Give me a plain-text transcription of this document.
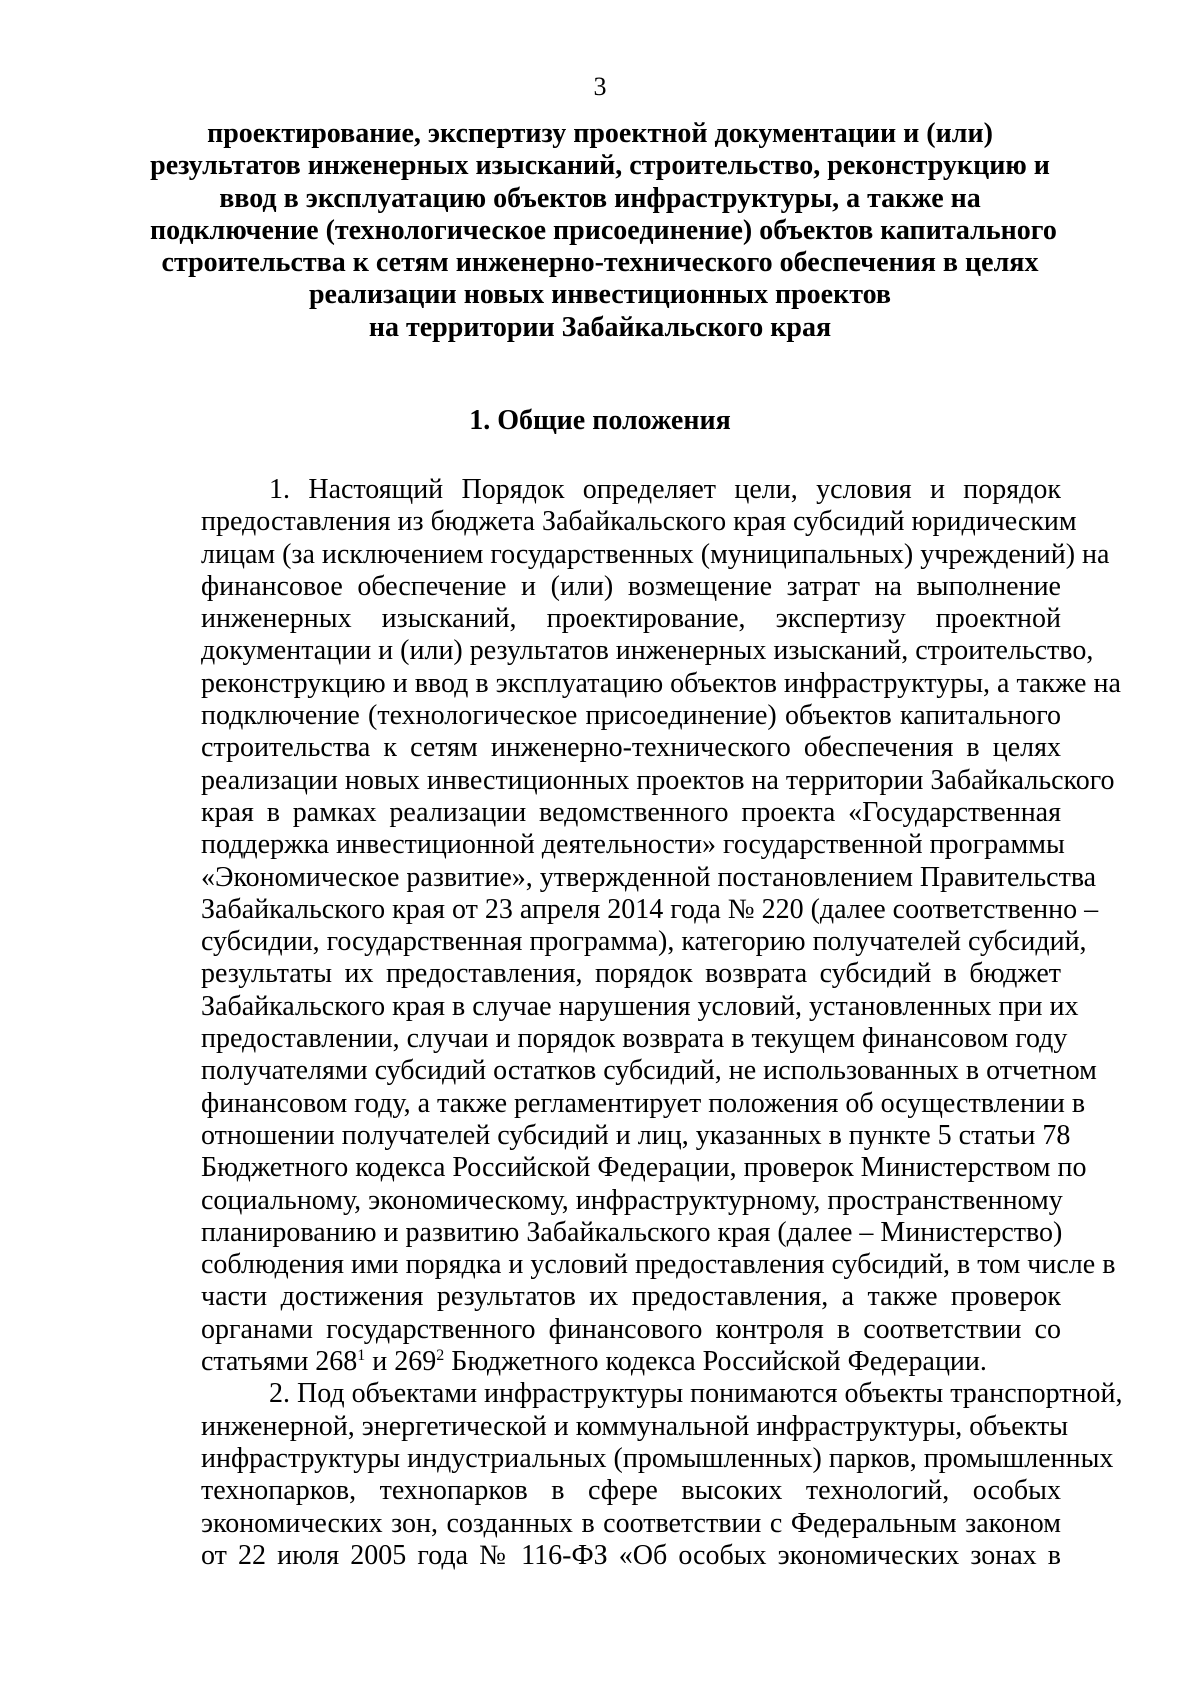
3
проектирование, экспертизу проектной документации и (или)
результатов инженерных изысканий, строительство, реконструкцию и
ввод в эксплуатацию объектов инфраструктуры, а также на
подключение (технологическое присоединение) объектов капитального
строительства к сетям инженерно-технического обеспечения в целях
реализации новых инвестиционных проектов
на территории Забайкальского края
1. Общие положения
1. Настоящий Порядок определяет цели, условия и порядок
предоставления из бюджета Забайкальского края субсидий юридическим
лицам (за исключением государственных (муниципальных) учреждений) на
финансовое обеспечение и (или) возмещение затрат на выполнение
инженерных изысканий, проектирование, экспертизу проектной
документации и (или) результатов инженерных изысканий, строительство,
реконструкцию и ввод в эксплуатацию объектов инфраструктуры, а также на
подключение (технологическое присоединение) объектов капитального
строительства к сетям инженерно-технического обеспечения в целях
реализации новых инвестиционных проектов на территории Забайкальского
края в рамках реализации ведомственного проекта «Государственная
поддержка инвестиционной деятельности» государственной программы
«Экономическое развитие», утвержденной постановлением Правительства
Забайкальского края от 23 апреля 2014 года № 220 (далее соответственно –
субсидии, государственная программа), категорию получателей субсидий,
результаты их предоставления, порядок возврата субсидий в бюджет
Забайкальского края в случае нарушения условий, установленных при их
предоставлении, случаи и порядок возврата в текущем финансовом году
получателями субсидий остатков субсидий, не использованных в отчетном
финансовом году, а также регламентирует положения об осуществлении в
отношении получателей субсидий и лиц, указанных в пункте 5 статьи 78
Бюджетного кодекса Российской Федерации, проверок Министерством по
социальному, экономическому, инфраструктурному, пространственному
планированию и развитию Забайкальского края (далее – Министерство)
соблюдения ими порядка и условий предоставления субсидий, в том числе в
части достижения результатов их предоставления, а также проверок
органами государственного финансового контроля в соответствии со
статьями $268^1$ и $269^2$ Бюджетного кодекса Российской Федерации.
2. Под объектами инфраструктуры понимаются объекты транспортной,
инженерной, энергетической и коммунальной инфраструктуры, объекты
инфраструктуры индустриальных (промышленных) парков, промышленных
технопарков, технопарков в сфере высоких технологий, особых
экономических зон, созданных в соответствии с Федеральным законом
от 22 июля 2005 года № 116-ФЗ «Об особых экономических зонах в
